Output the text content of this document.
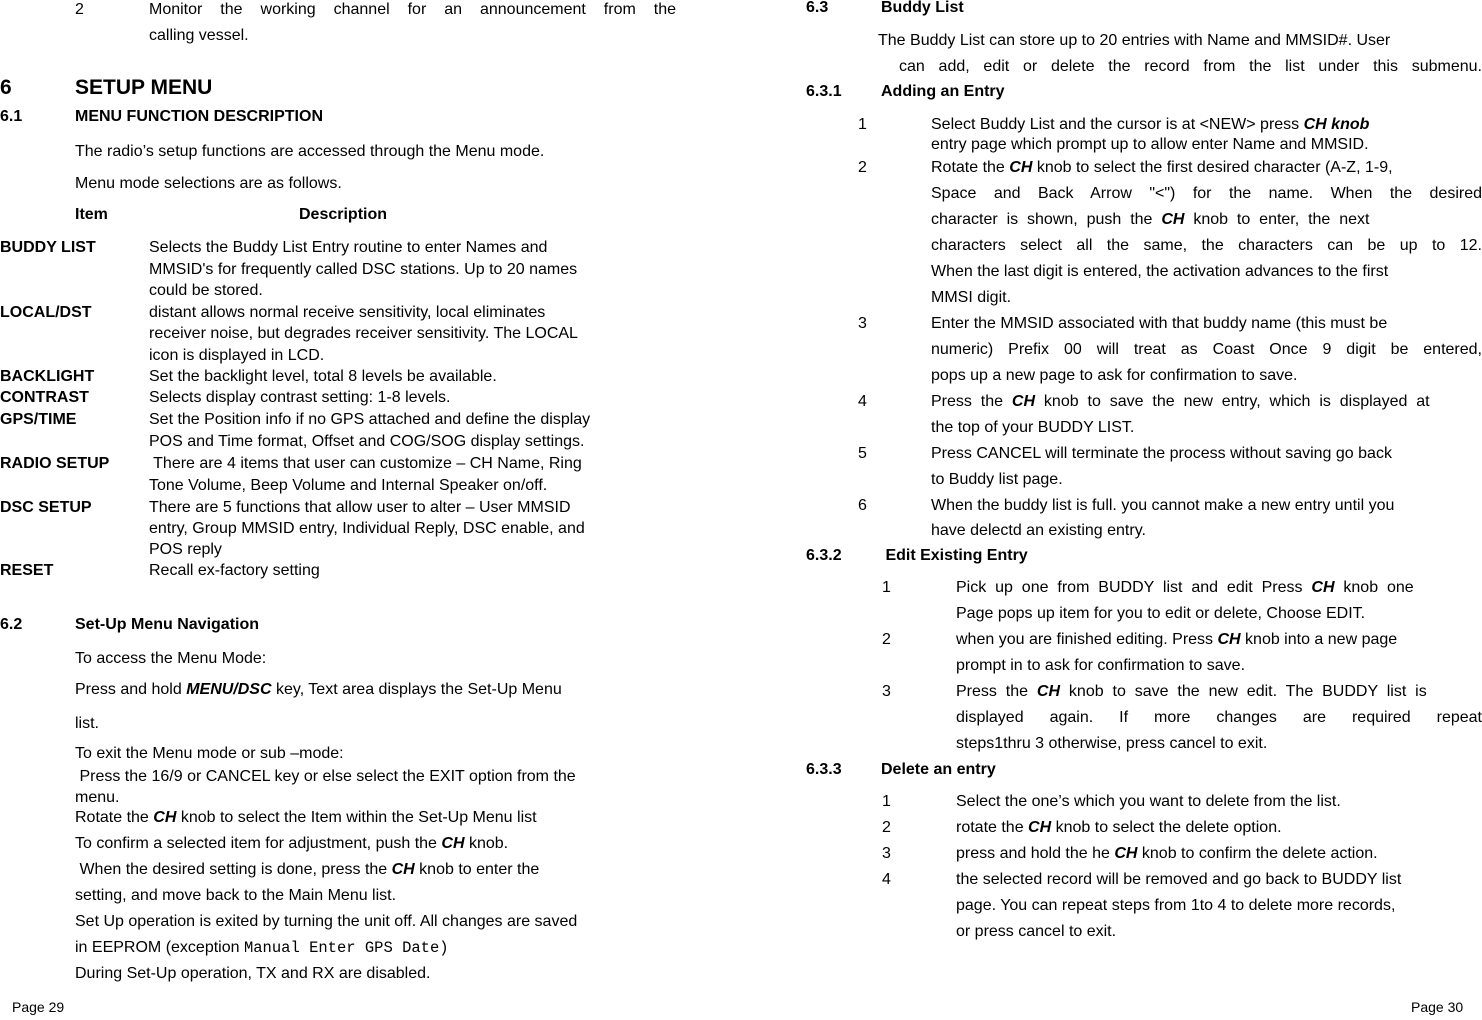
2	Monitor the working channel for an announcement from the
calling vessel.
6	SETUP MENU
6.1	MENU FUNCTION DESCRIPTION
The radio’s setup functions are accessed through the Menu mode.
Menu mode selections are as follows.
Item	Description
BUDDY LIST	Selects the Buddy List Entry routine to enter Names and
MMSID's for frequently called DSC stations. Up to 20 names
could be stored.
LOCAL/DST	distant allows normal receive sensitivity, local eliminates
receiver noise, but degrades receiver sensitivity. The LOCAL
icon is displayed in LCD.
BACKLIGHT	Set the backlight level, total 8 levels be available.
CONTRAST	Selects display contrast setting: 1-8 levels.
GPS/TIME	Set the Position info if no GPS attached and define the display
POS and Time format, Offset and COG/SOG display settings.
RADIO SETUP There are 4 items that user can customize – CH Name, Ring
Tone Volume, Beep Volume and Internal Speaker on/off.
DSC SETUP	There are 5 functions that allow user to alter – User MMSID
entry, Group MMSID entry, Individual Reply, DSC enable, and
POS reply
RESET	Recall ex-factory setting
6.2	Set-Up Menu Navigation
To access the Menu Mode:
Press and hold MENU/DSC key, Text area displays the Set-Up Menu
list.
To exit the Menu mode or sub –mode:
Press the 16/9 or CANCEL key or else select the EXIT option from the
menu.
Rotate the CH knob to select the Item within the Set-Up Menu list
To confirm a selected item for adjustment, push the CH knob.
When the desired setting is done, press the CH knob to enter the
setting, and move back to the Main Menu list.
Set Up operation is exited by turning the unit off. All changes are saved
in EEPROM (exception Manual Enter GPS Date)
During Set-Up operation, TX and RX are disabled.
Page 29
6.3	Buddy List
The Buddy List can store up to 20 entries with Name and MMSID#. User
can add, edit or delete the record from the list under this submenu.
6.3.1 Adding an Entry
1	Select Buddy List and the cursor is at <NEW> press CH knob
entry page which prompt up to allow enter Name and MMSID.
2	Rotate the CH knob to select the first desired character (A-Z, 1-9,
Space and Back Arrow "<") for the name. When the desired
character  is  shown,  push  the  CH  knob  to  enter,  the  next
characters select all the same, the characters can be up to 12.
When the last digit is entered, the activation advances to the first
MMSI digit.
3	Enter the MMSID associated with that buddy name (this must be
numeric) Prefix 00 will treat as Coast Once 9 digit be entered,
pops up a new page to ask for confirmation to save.
4	Press  the  CH  knob  to  save  the  new  entry,  which  is  displayed  at
the top of your BUDDY LIST.
5	Press CANCEL will terminate the process without saving go back
to Buddy list page.
6	When the buddy list is full. you cannot make a new entry until you
have delectd an existing entry.
6.3.2 Edit Existing Entry
1	Pick  up  one  from  BUDDY  list  and  edit  Press  CH  knob  one
Page pops up item for you to edit or delete, Choose EDIT.
2	when you are finished editing. Press CH knob into a new page
prompt in to ask for confirmation to save.
3	Press  the  CH  knob  to  save  the  new  edit.  The  BUDDY  list  is
displayed again. If more changes are required repeat
steps1thru 3 otherwise, press cancel to exit.
6.3.3 Delete an entry
1	Select the one’s which you want to delete from the list.
2	rotate the CH knob to select the delete option.
3	press and hold the he CH knob to confirm the delete action.
4	the selected record will be removed and go back to BUDDY list
page. You can repeat steps from 1to 4 to delete more records,
or press cancel to exit.
Page 30
